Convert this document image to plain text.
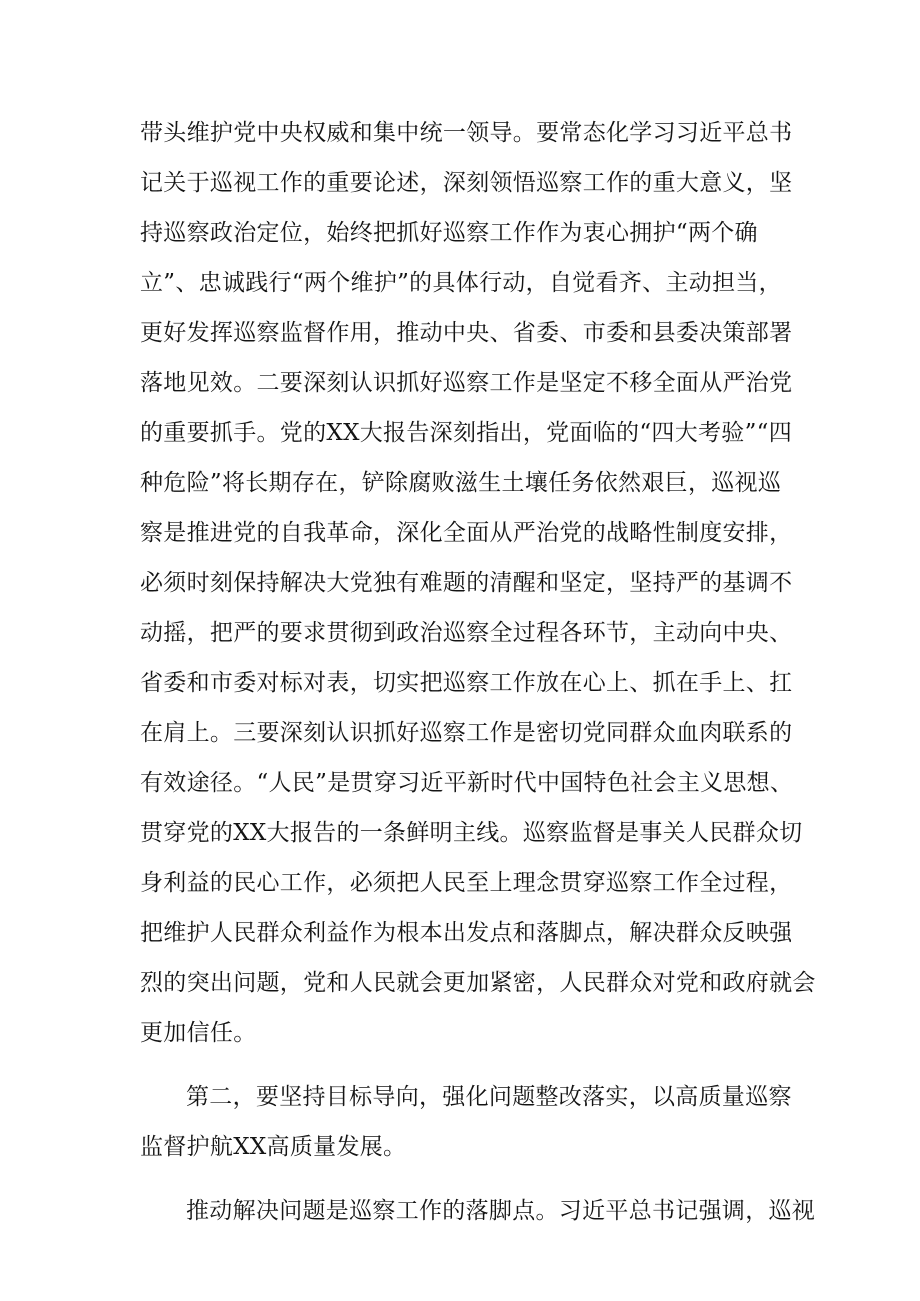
带头维护党中央权威和集中统一领导。要常态化学习习近平总书
记关于巡视工作的重要论述，深刻领悟巡察工作的重大意义，坚
持巡察政治定位，始终把抓好巡察工作作为衷心拥护“两个确
立”、忠诚践行“两个维护”的具体行动，自觉看齐、主动担当，
更好发挥巡察监督作用，推动中央、省委、市委和县委决策部署
落地见效。二要深刻认识抓好巡察工作是坚定不移全面从严治党
的重要抓手。党的XX大报告深刻指出，党面临的“四大考验”“四
种危险”将长期存在，铲除腐败滋生土壤任务依然艰巨，巡视巡
察是推进党的自我革命，深化全面从严治党的战略性制度安排，
必须时刻保持解决大党独有难题的清醒和坚定，坚持严的基调不
动摇，把严的要求贯彻到政治巡察全过程各环节，主动向中央、
省委和市委对标对表，切实把巡察工作放在心上、抓在手上、扛
在肩上。三要深刻认识抓好巡察工作是密切党同群众血肉联系的
有效途径。“人民”是贯穿习近平新时代中国特色社会主义思想、
贯穿党的XX大报告的一条鲜明主线。巡察监督是事关人民群众切
身利益的民心工作，必须把人民至上理念贯穿巡察工作全过程，
把维护人民群众利益作为根本出发点和落脚点，解决群众反映强
烈的突出问题，党和人民就会更加紧密，人民群众对党和政府就会
更加信任。
第二，要坚持目标导向，强化问题整改落实，以高质量巡察
监督护航XX高质量发展。
推动解决问题是巡察工作的落脚点。习近平总书记强调，巡视
